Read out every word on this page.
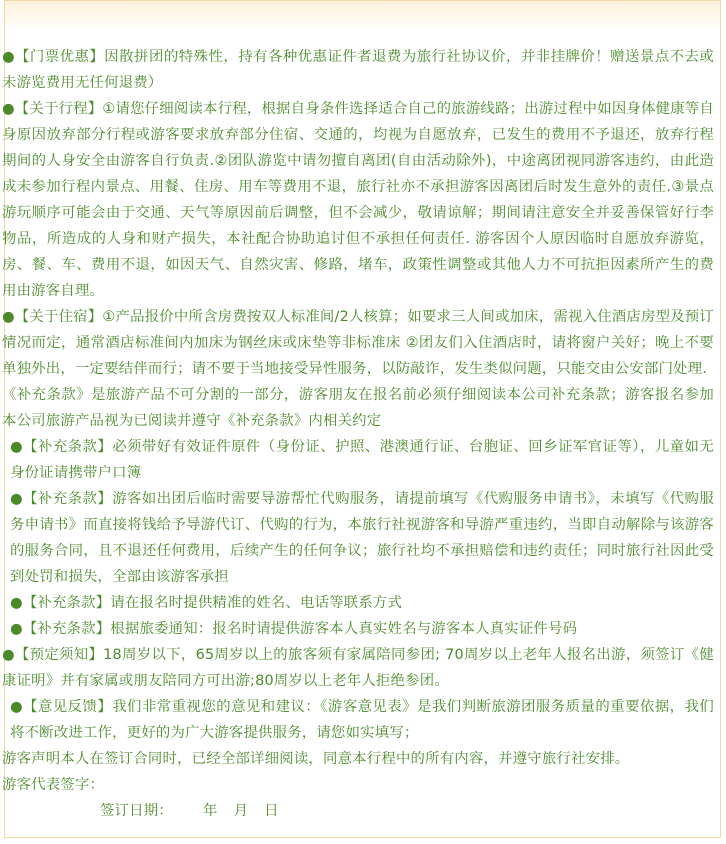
●【门票优惠】因散拼团的特殊性，持有各种优惠证件者退费为旅行社协议价，并非挂牌价！赠送景点不去或未游览费用无任何退费）

●【关于行程】①请您仔细阅读本行程，根据自身条件选择适合自己的旅游线路；出游过程中如因身体健康等自身原因放弃部分行程或游客要求放弃部分住宿、交通的，均视为自愿放弃，已发生的费用不予退还，放弃行程期间的人身安全由游客自行负责.②团队游览中请勿擅自离团(自由活动除外)，中途离团视同游客违约，由此造成未参加行程内景点、用餐、住房、用车等费用不退，旅行社亦不承担游客因离团后时发生意外的责任.③景点游玩顺序可能会由于交通、天气等原因前后调整，但不会减少，敬请谅解；期间请注意安全并妥善保管好行李物品，所造成的人身和财产损失，本社配合协助追讨但不承担任何责任. 游客因个人原因临时自愿放弃游览，房、餐、车、费用不退，如因天气、自然灾害、修路，堵车，政策性调整或其他人力不可抗拒因素所产生的费用由游客自理。

●【关于住宿】①产品报价中所含房费按双人标准间/2人核算；如要求三人间或加床，需视入住酒店房型及预订情况而定，通常酒店标准间内加床为钢丝床或床垫等非标准床 ②团友们入住酒店时，请将窗户关好；晚上不要单独外出，一定要结伴而行；请不要于当地接受异性服务，以防敲诈，发生类似问题，只能交由公安部门处理.

《补充条款》是旅游产品不可分割的一部分，游客朋友在报名前必须仔细阅读本公司补充条款；游客报名参加本公司旅游产品视为已阅读并遵守《补充条款》内相关约定

●【补充条款】必须带好有效证件原件（身份证、护照、港澳通行证、台胞证、回乡证军官证等），儿童如无身份证请携带户口簿

●【补充条款】游客如出团后临时需要导游帮忙代购服务，请提前填写《代购服务申请书》，未填写《代购服务申请书》而直接将钱给予导游代订、代购的行为，本旅行社视游客和导游严重违约，当即自动解除与该游客的服务合同，且不退还任何费用，后续产生的任何争议；旅行社均不承担赔偿和违约责任；同时旅行社因此受到处罚和损失，全部由该游客承担

●【补充条款】请在报名时提供精准的姓名、电话等联系方式

●【补充条款】根据旅委通知：报名时请提供游客本人真实姓名与游客本人真实证件号码

●【预定须知】18周岁以下，65周岁以上的旅客须有家属陪同参团; 70周岁以上老年人报名出游，须签订《健康证明》并有家属或朋友陪同方可出游;80周岁以上老年人拒绝参团。

●【意见反馈】我们非常重视您的意见和建议：《游客意见表》是我们判断旅游团服务质量的重要依据，我们将不断改进工作，更好的为广大游客提供服务，请您如实填写；

游客声明本人在签订合同时，已经全部详细阅读，同意本行程中的所有内容，并遵守旅行社安排。

游客代表签字：

签订日期： 年 月 日
